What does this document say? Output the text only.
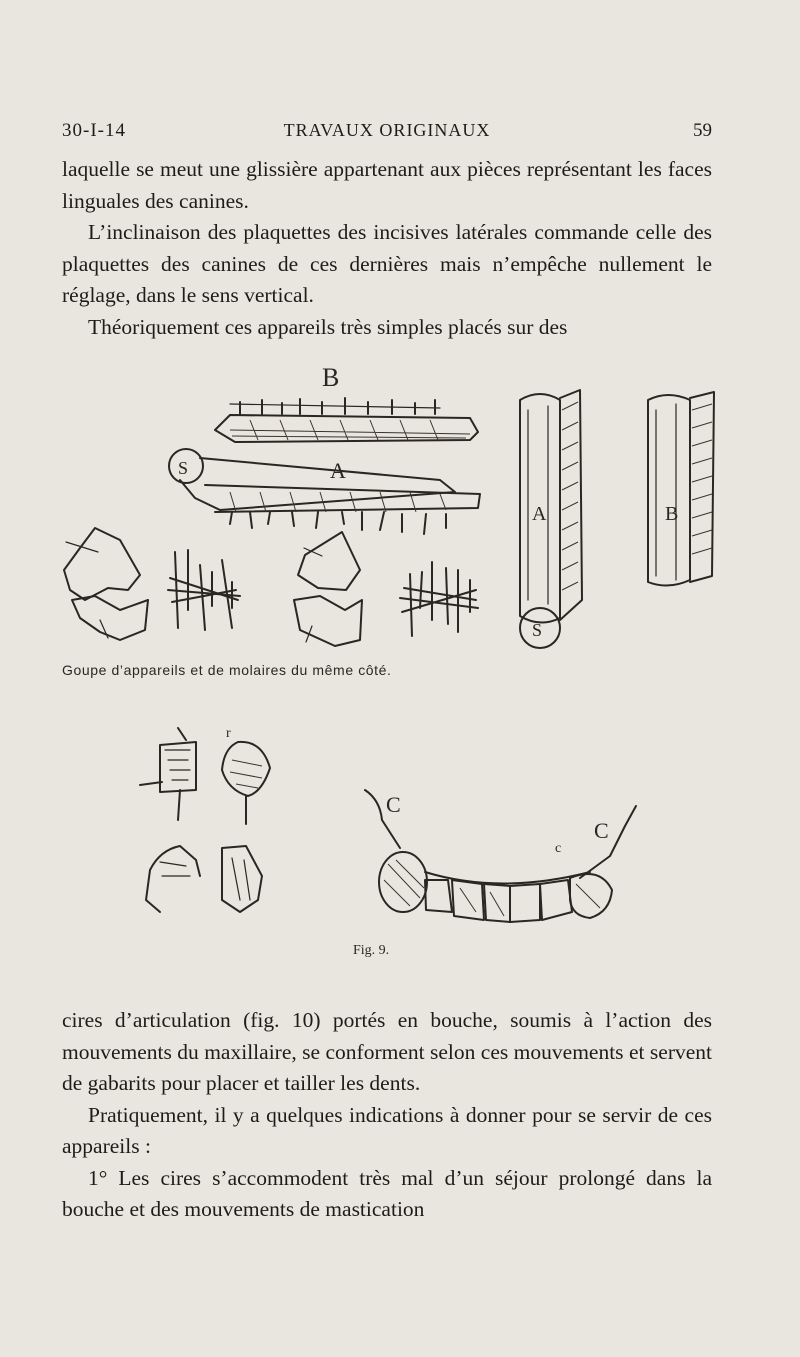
30-I-14	TRAVAUX ORIGINAUX	59

laquelle se meut une glissière appartenant aux pièces représentant les faces linguales des canines.

L’inclinaison des plaquettes des incisives latérales commande celle des plaquettes des canines de ces dernières mais n’empêche nullement le réglage, dans le sens vertical.

Théoriquement ces appareils très simples placés sur des

B
S	A
A
S
B
r
C
C
c
Goupe d’appareils et de molaires du même côté.
Fig. 9.

cires d’articulation (fig. 10) portés en bouche, soumis à l’action des mouvements du maxillaire, se conforment selon ces mouvements et servent de gabarits pour placer et tailler les dents.

Pratiquement, il y a quelques indications à donner pour se servir de ces appareils :

1° Les cires s’accommodent très mal d’un séjour prolongé dans la bouche et des mouvements de mastication
